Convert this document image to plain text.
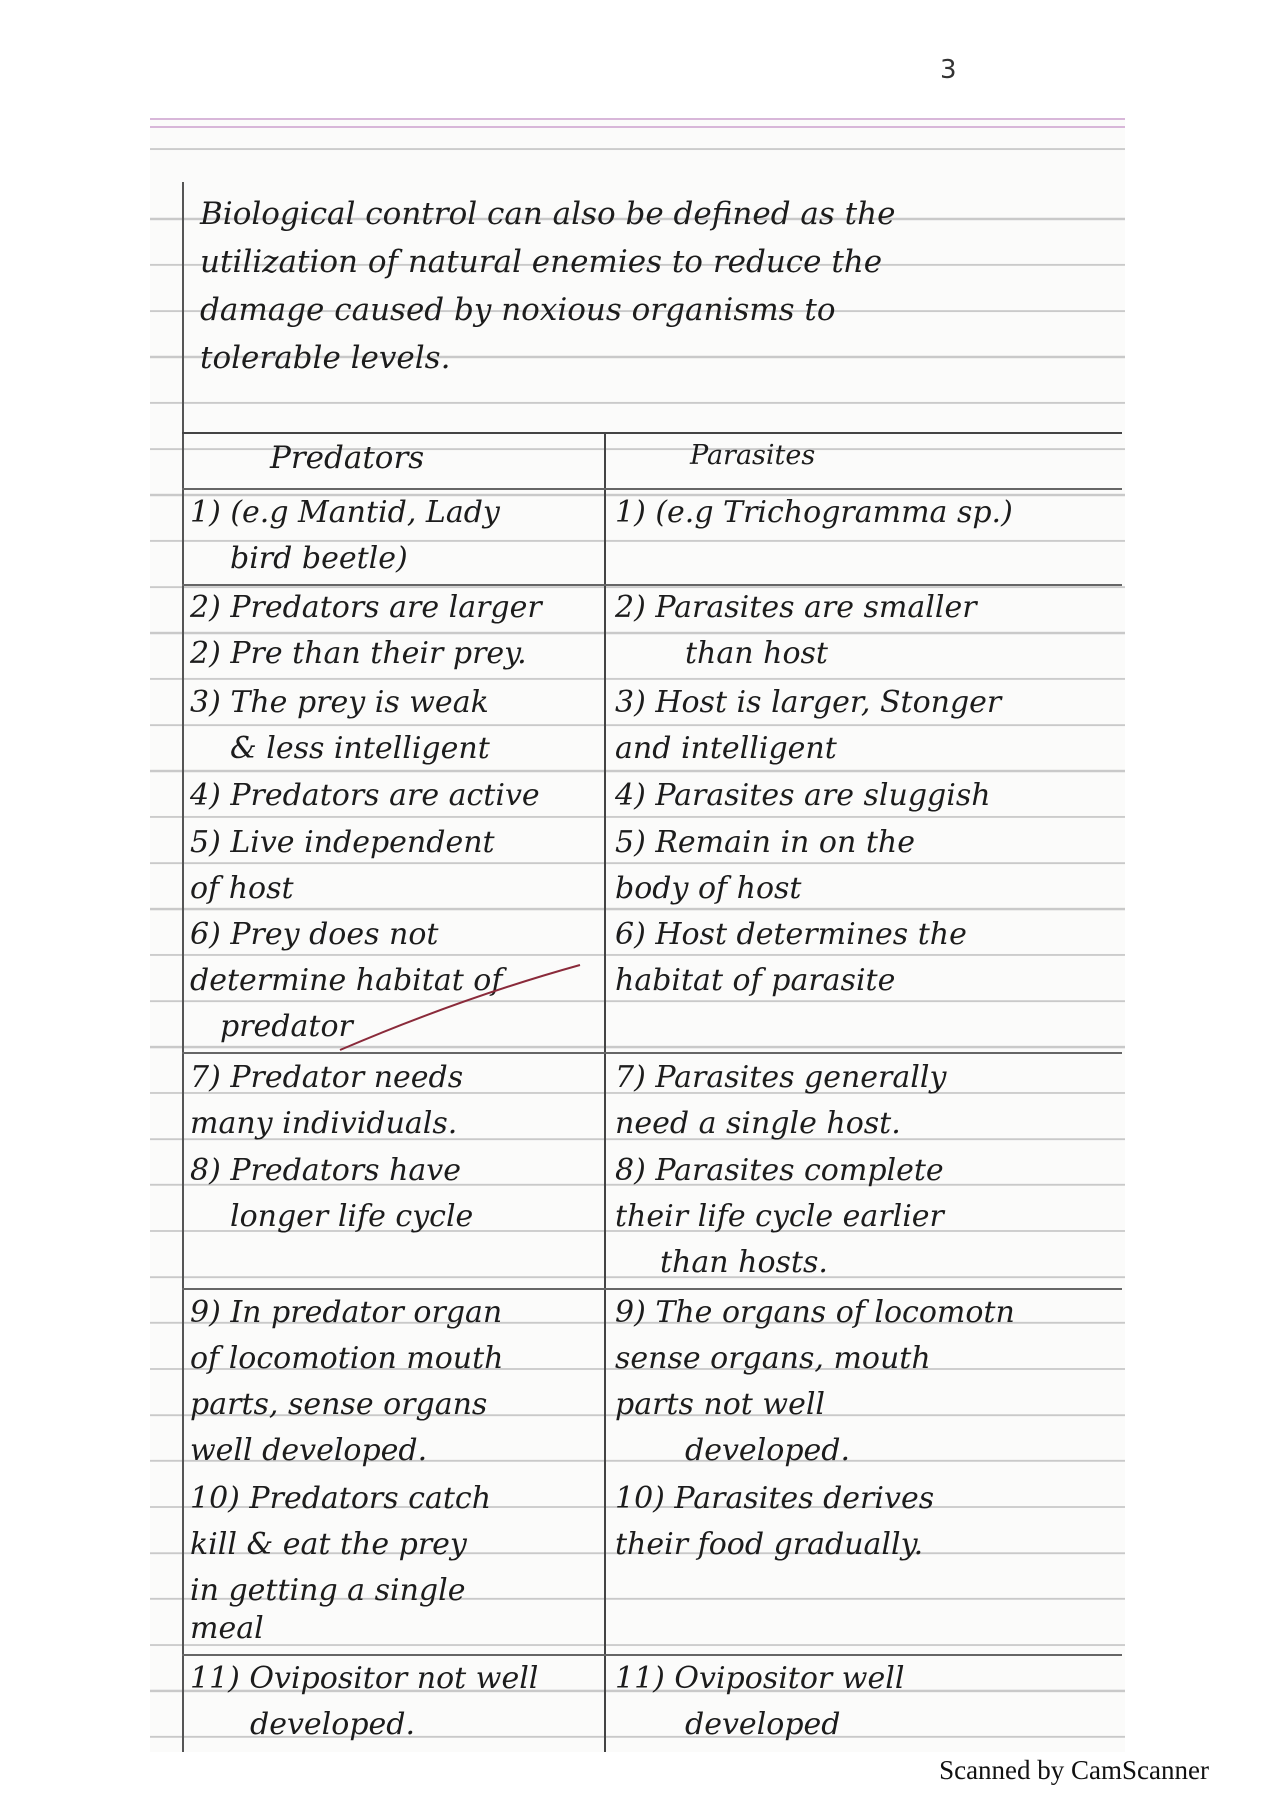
3
Biological control can also be defined as the
utilization of natural enemies to reduce the
damage caused by noxious organisms to
tolerable levels.
Predators	Parasites
1) (e.g Mantid, Lady
bird beetle)
1) (e.g Trichogramma sp.)
2) Predators are larger
2) Pre than their prey.
2) Parasites are smaller
than host
3) The prey is weak
& less intelligent
3) Host is larger, Stonger
and intelligent
4) Predators are active	4) Parasites are sluggish
5) Live independent
of host
5) Remain in on the
body of host
6) Prey does not
determine habitat of
predator
6) Host determines the
habitat of parasite
7) Predator needs
many individuals.
7) Parasites generally
need a single host.
8) Predators have
longer life cycle
8) Parasites complete
their life cycle earlier
than hosts.
9) In predator organ
of locomotion mouth
parts, sense organs
well developed.
9) The organs of locomotn
sense organs, mouth
parts not well
developed.
10) Predators catch
kill & eat the prey
in getting a single
10) Parasites derives
their food gradually.
meal
11) Ovipositor not well
developed.
11) Ovipositor well
developed
Scanned by CamScanner
